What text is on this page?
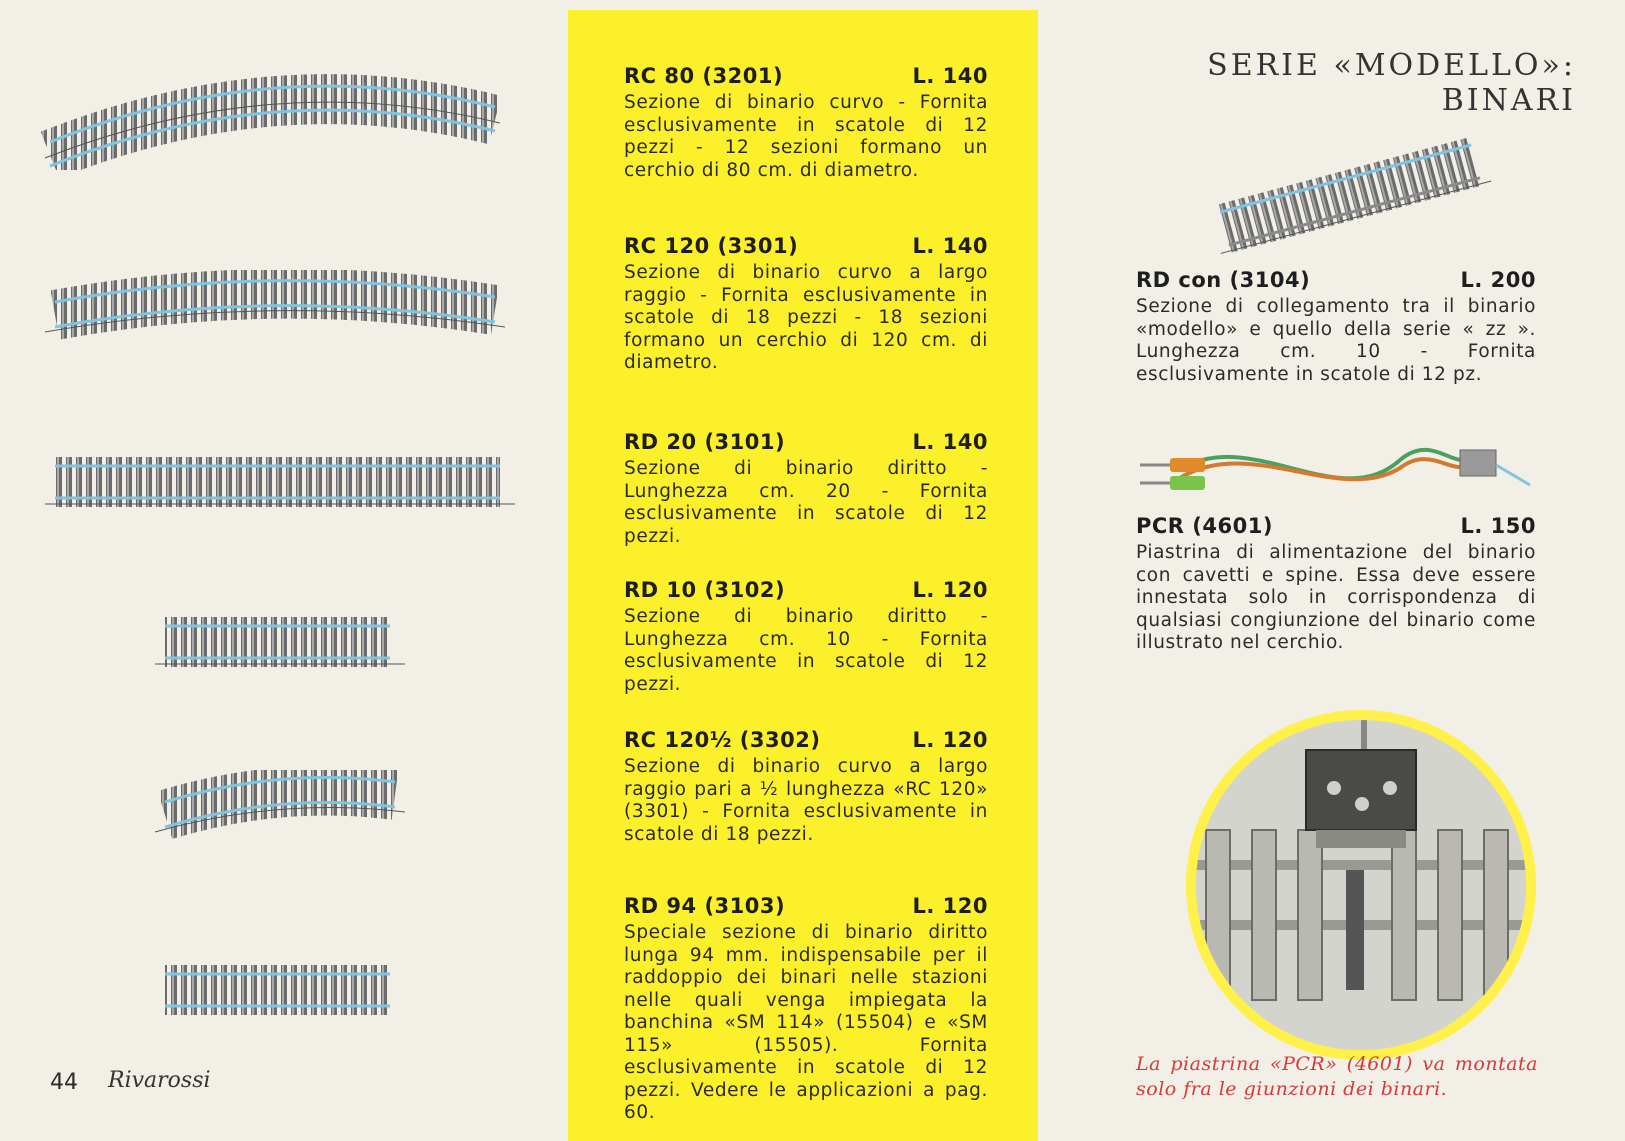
44 Rivarossi
RC 80 (3201)	L. 140
Sezione di binario curvo - Fornita esclusivamente in scatole di 12 pezzi - 12 sezioni formano un cerchio di 80 cm. di diametro.
RC 120 (3301)	L. 140
Sezione di binario curvo a largo raggio - Fornita esclusivamente in scatole di 18 pezzi - 18 sezioni formano un cerchio di 120 cm. di diametro.
RD 20 (3101)	L. 140
Sezione di binario diritto - Lunghezza cm. 20 - Fornita esclusivamente in scatole di 12 pezzi.
RD 10 (3102)	L. 120
Sezione di binario diritto - Lunghezza cm. 10 - Fornita esclusivamente in scatole di 12 pezzi.
RC 120½ (3302)	L. 120
Sezione di binario curvo a largo raggio pari a ½ lunghezza «RC 120» (3301) - Fornita esclusivamente in scatole di 18 pezzi.
RD 94 (3103)	L. 120
Speciale sezione di binario diritto lunga 94 mm. indispensabile per il raddoppio dei binari nelle stazioni nelle quali venga impiegata la banchina «SM 114» (15504) e «SM 115» (15505). Fornita esclusivamente in scatole di 12 pezzi. Vedere le applicazioni a pag. 60.
SERIE «MODELLO»: BINARI
RD con (3104)	L. 200
Sezione di collegamento tra il binario «modello» e quello della serie « zz ». Lunghezza cm. 10 - Fornita esclusivamente in scatole di 12 pz.
PCR (4601)	L. 150
Piastrina di alimentazione del binario con cavetti e spine. Essa deve essere innestata solo in corrispondenza di qualsiasi congiunzione del binario come illustrato nel cerchio.
La piastrina «PCR» (4601) va montata solo fra le giunzioni dei binari.
